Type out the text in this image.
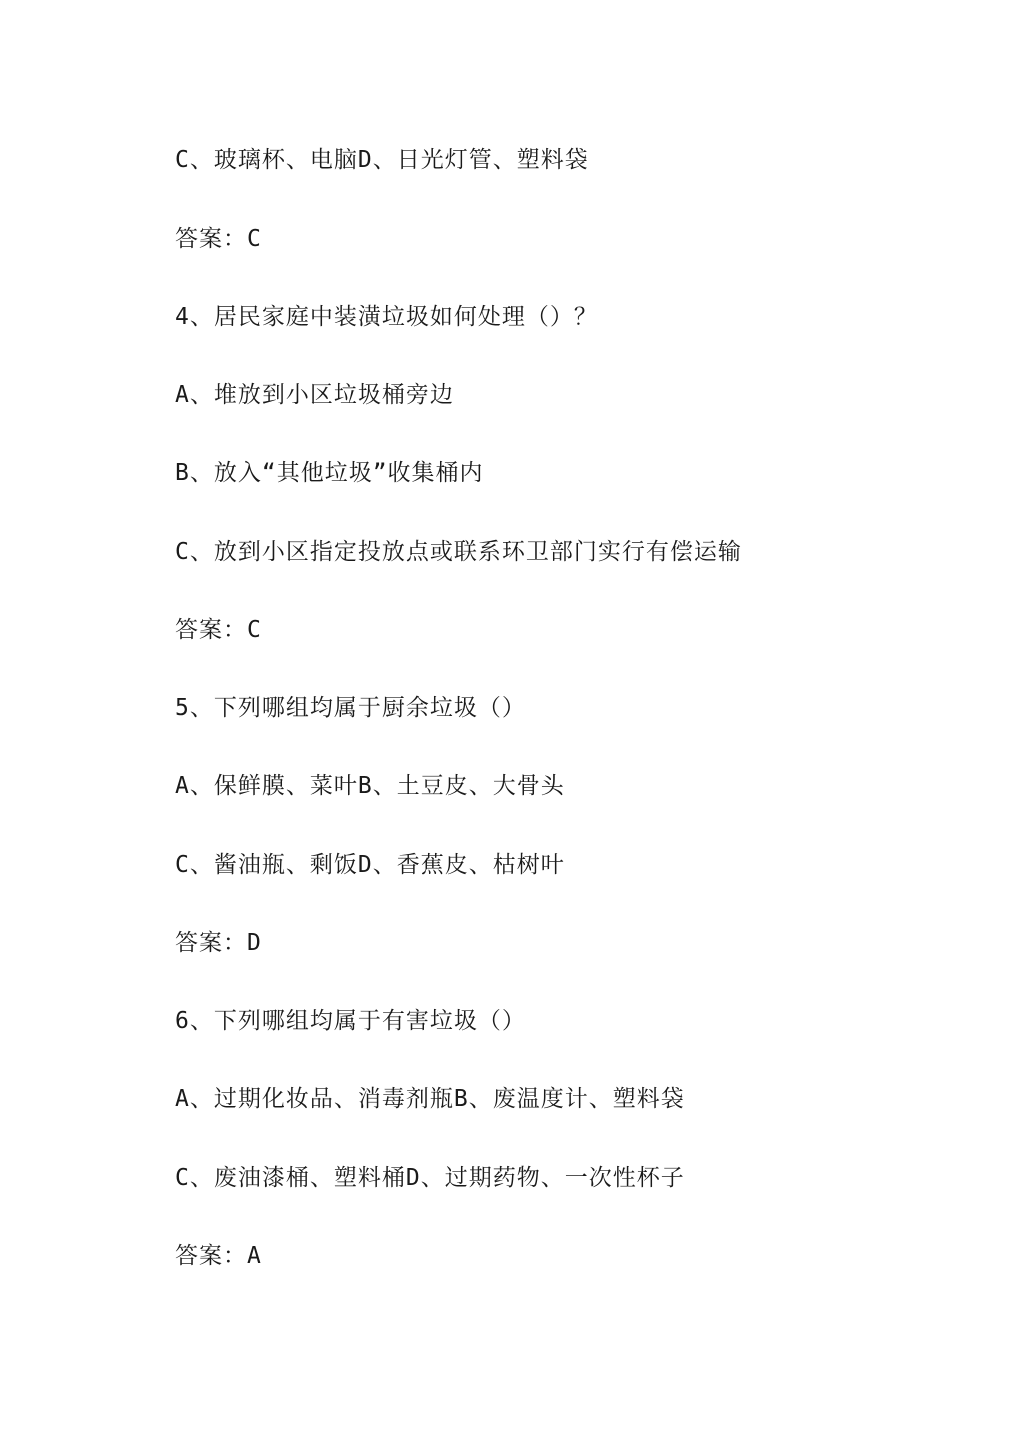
C、玻璃杯、电脑D、日光灯管、塑料袋
答案：C
4、居民家庭中装潢垃圾如何处理（）？
A、堆放到小区垃圾桶旁边
B、放入“其他垃圾”收集桶内
C、放到小区指定投放点或联系环卫部门实行有偿运输
答案：C
5、下列哪组均属于厨余垃圾（）
A、保鲜膜、菜叶B、土豆皮、大骨头
C、酱油瓶、剩饭D、香蕉皮、枯树叶
答案：D
6、下列哪组均属于有害垃圾（）
A、过期化妆品、消毒剂瓶B、废温度计、塑料袋
C、废油漆桶、塑料桶D、过期药物、一次性杯子
答案：A
